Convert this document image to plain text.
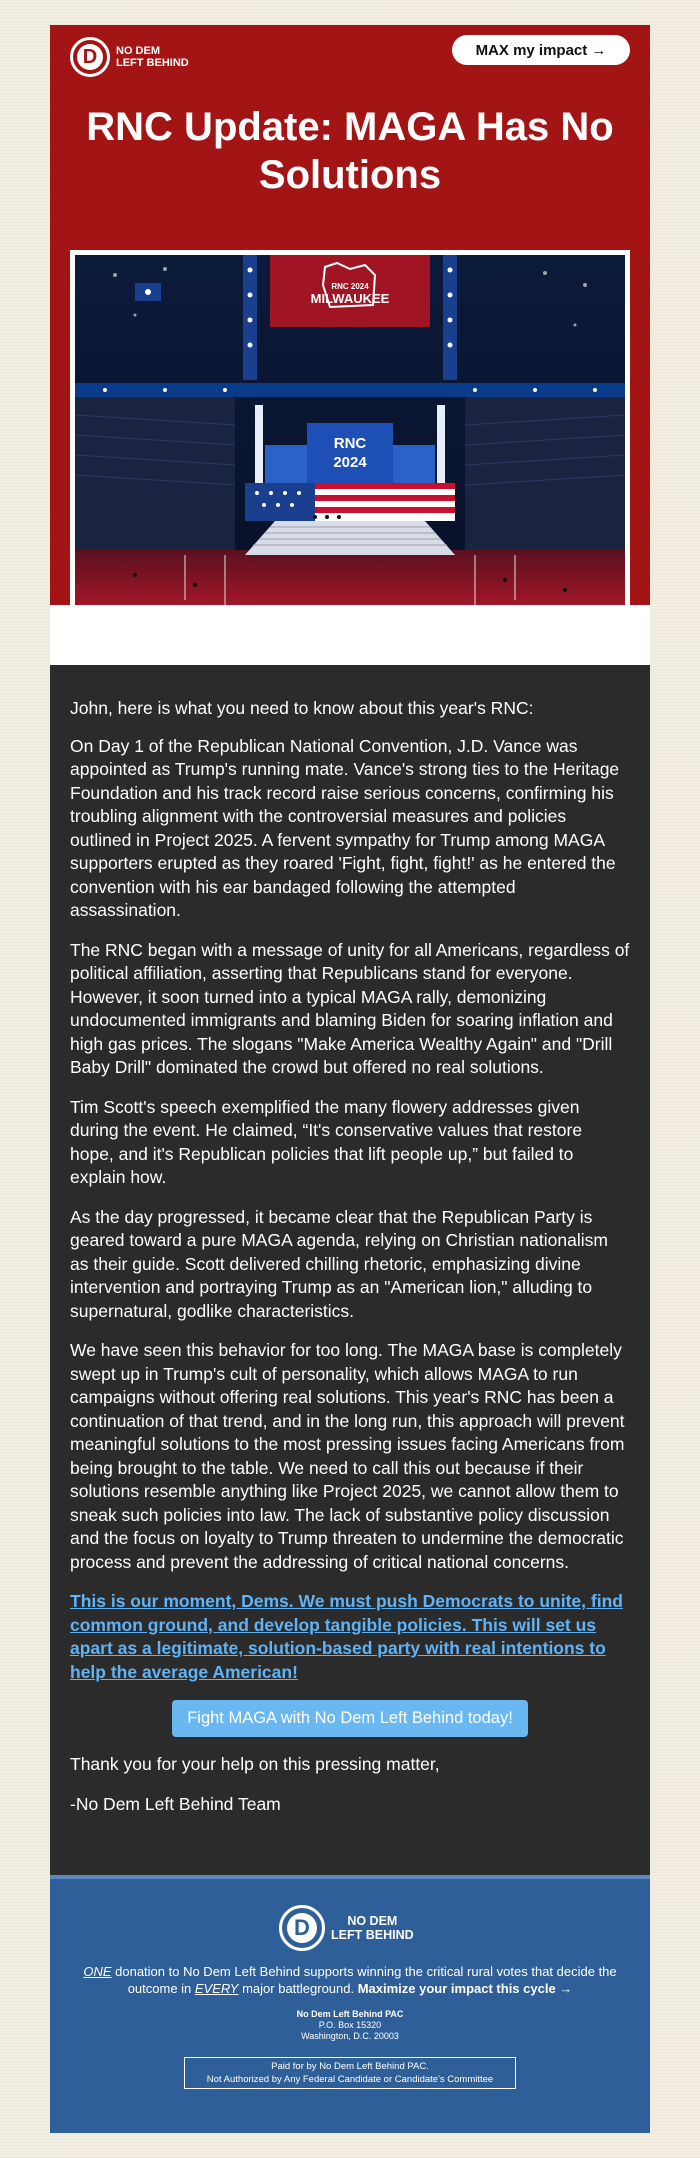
D	NO DEM
LEFT BEHIND
MAX my impact →
RNC Update: MAGA Has No Solutions
RNC 2024
MILWAUKEE
RNC
2024

John, here is what you need to know about this year's RNC:

On Day 1 of the Republican National Convention, J.D. Vance was appointed as Trump's running mate. Vance's strong ties to the Heritage Foundation and his track record raise serious concerns, confirming his troubling alignment with the controversial measures and policies outlined in Project 2025. A fervent sympathy for Trump among MAGA supporters erupted as they roared 'Fight, fight, fight!' as he entered the convention with his ear bandaged following the attempted assassination.

The RNC began with a message of unity for all Americans, regardless of political affiliation, asserting that Republicans stand for everyone. However, it soon turned into a typical MAGA rally, demonizing undocumented immigrants and blaming Biden for soaring inflation and high gas prices. The slogans "Make America Wealthy Again" and "Drill Baby Drill" dominated the crowd but offered no real solutions.

Tim Scott's speech exemplified the many flowery addresses given during the event. He claimed, “It's conservative values that restore hope, and it's Republican policies that lift people up,” but failed to explain how.

As the day progressed, it became clear that the Republican Party is geared toward a pure MAGA agenda, relying on Christian nationalism as their guide. Scott delivered chilling rhetoric, emphasizing divine intervention and portraying Trump as an "American lion," alluding to supernatural, godlike characteristics.

We have seen this behavior for too long. The MAGA base is completely swept up in Trump's cult of personality, which allows MAGA to run campaigns without offering real solutions. This year's RNC has been a continuation of that trend, and in the long run, this approach will prevent meaningful solutions to the most pressing issues facing Americans from being brought to the table. We need to call this out because if their solutions resemble anything like Project 2025, we cannot allow them to sneak such policies into law. The lack of substantive policy discussion and the focus on loyalty to Trump threaten to undermine the democratic process and prevent the addressing of critical national concerns.

This is our moment, Dems. We must push Democrats to unite, find common ground, and develop tangible policies. This will set us apart as a legitimate, solution-based party with real intentions to help the average American!

Fight MAGA with No Dem Left Behind today!

Thank you for your help on this pressing matter,

-No Dem Left Behind Team

D	NO DEM
LEFT BEHIND
ONE donation to No Dem Left Behind supports winning the critical rural votes that decide the outcome in EVERY major battleground. Maximize your impact this cycle →
No Dem Left Behind PAC
P.O. Box 15320
Washington, D.C. 20003
Paid for by No Dem Left Behind PAC.
Not Authorized by Any Federal Candidate or Candidate's Committee
